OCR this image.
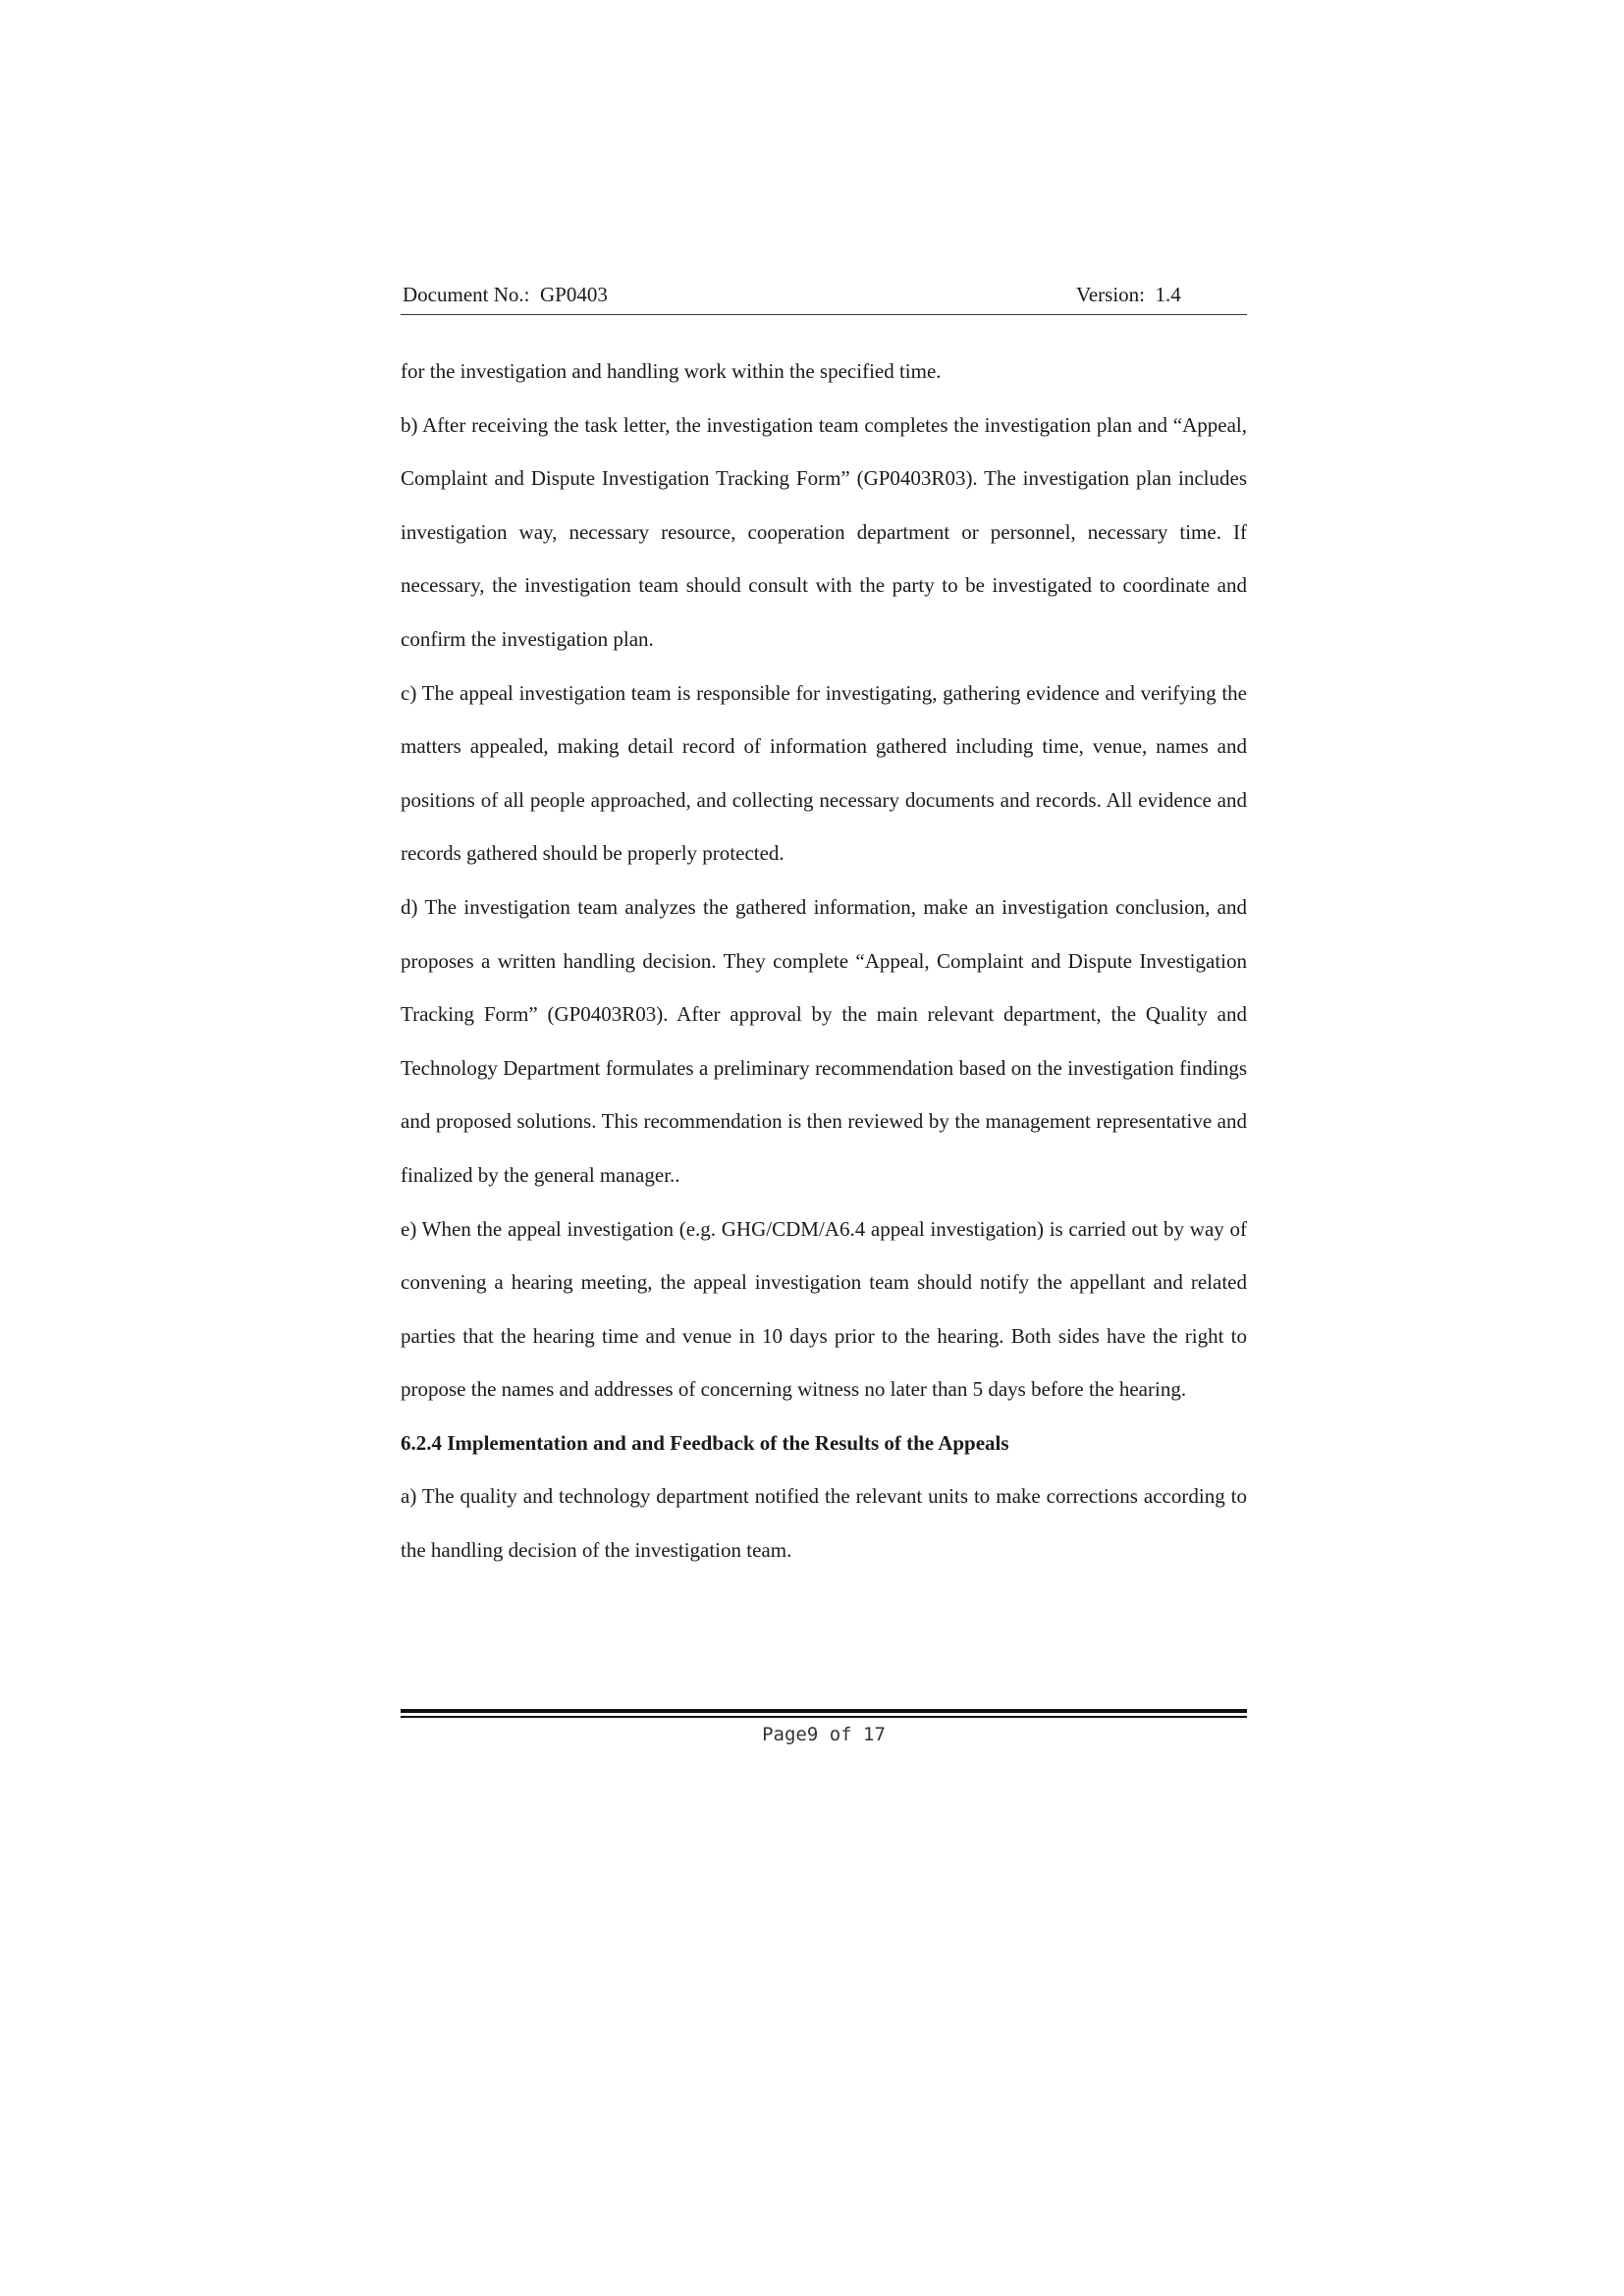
Document No.:  GP0403	Version:  1.4

for the investigation and handling work within the specified time.

b) After receiving the task letter, the investigation team completes the investigation plan and “Appeal, Complaint and Dispute Investigation Tracking Form” (GP0403R03). The investigation plan includes investigation way, necessary resource, cooperation department or personnel, necessary time. If necessary, the investigation team should consult with the party to be investigated to coordinate and confirm the investigation plan.

c) The appeal investigation team is responsible for investigating, gathering evidence and verifying the matters appealed, making detail record of information gathered including time, venue, names and positions of all people approached, and collecting necessary documents and records. All evidence and records gathered should be properly protected.

d) The investigation team analyzes the gathered information, make an investigation conclusion, and proposes a written handling decision. They complete “Appeal, Complaint and Dispute Investigation Tracking Form” (GP0403R03). After approval by the main relevant department, the Quality and Technology Department formulates a preliminary recommendation based on the investigation findings and proposed solutions. This recommendation is then reviewed by the management representative and finalized by the general manager..

e) When the appeal investigation (e.g. GHG/CDM/A6.4 appeal investigation) is carried out by way of convening a hearing meeting, the appeal investigation team should notify the appellant and related parties that the hearing time and venue in 10 days prior to the hearing. Both sides have the right to propose the names and addresses of concerning witness no later than 5 days before the hearing.

6.2.4 Implementation and and Feedback of the Results of the Appeals

a) The quality and technology department notified the relevant units to make corrections according to the handling decision of the investigation team.

Page9 of 17
